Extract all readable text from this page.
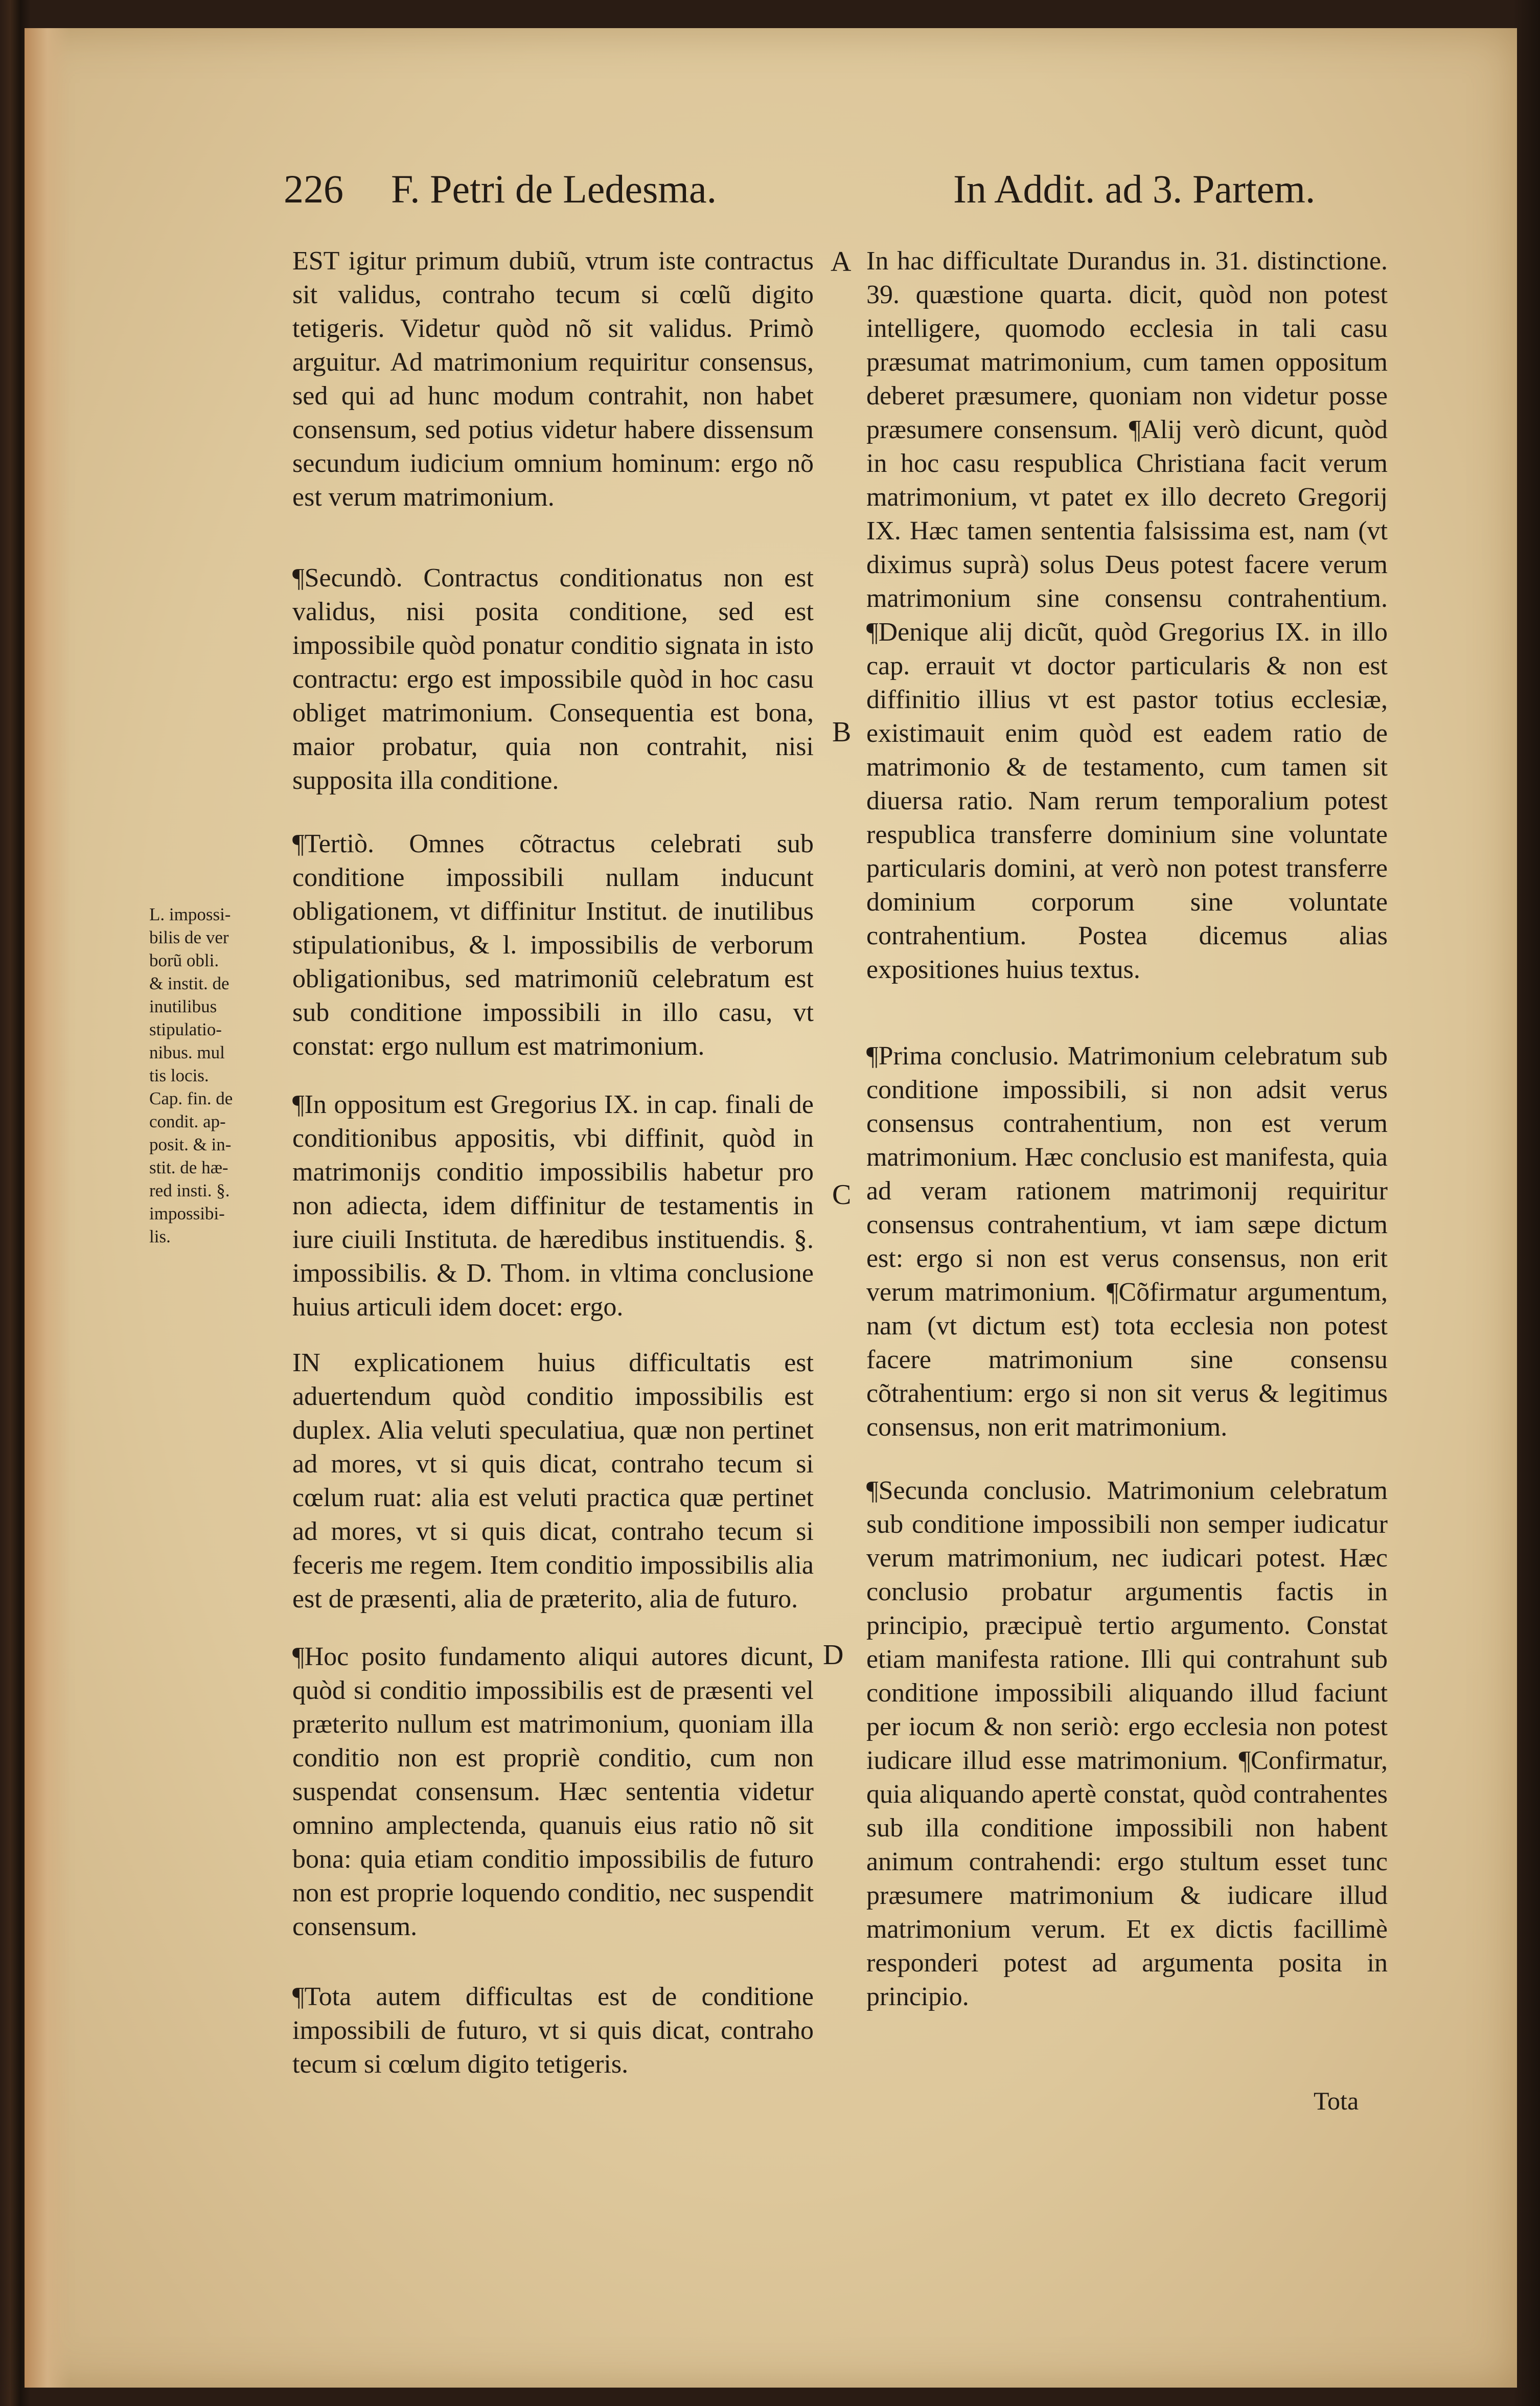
226 F. Petri de Ledesma.	In Addit. ad 3. Partem.

EST igitur primum dubiũ, vtrum iste contractus sit validus, contraho tecum si cœlũ digito tetigeris. Videtur quòd nõ sit validus. Primò arguitur. Ad matrimonium requiritur consensus, sed qui ad hunc modum contrahit, non habet consensum, sed potius videtur habere dissensum secundum iudicium omnium hominum: ergo nõ est verum matrimonium.

¶Secundò. Contractus conditionatus non est validus, nisi posita conditione, sed est impossibile quòd ponatur conditio signata in isto contractu: ergo est impossibile quòd in hoc casu obliget matrimonium. Consequentia est bona, maior probatur, quia non contrahit, nisi supposita illa conditione.

¶Tertiò. Omnes cõtractus celebrati sub conditione impossibili nullam inducunt obligationem, vt diffinitur Institut. de inutilibus stipulationibus, & l. impossibilis de verborum obligationibus, sed matrimoniũ celebratum est sub conditione impossibili in illo casu, vt constat: ergo nullum est matrimonium.

¶In oppositum est Gregorius IX. in cap. finali de conditionibus appositis, vbi diffinit, quòd in matrimonijs conditio impossibilis habetur pro non adiecta, idem diffinitur de testamentis in iure ciuili Instituta. de hæredibus instituendis. §. impossibilis. & D. Thom. in vltima conclusione huius articuli idem docet: ergo.

IN explicationem huius difficultatis est aduertendum quòd conditio impossibilis est duplex. Alia veluti speculatiua, quæ non pertinet ad mores, vt si quis dicat, contraho tecum si cœlum ruat: alia est veluti practica quæ pertinet ad mores, vt si quis dicat, contraho tecum si feceris me regem. Item conditio impossibilis alia est de præsenti, alia de præterito, alia de futuro.

¶Hoc posito fundamento aliqui autores dicunt, quòd si conditio impossibilis est de præsenti vel præterito nullum est matrimonium, quoniam illa conditio non est propriè conditio, cum non suspendat consensum. Hæc sententia videtur omnino amplectenda, quanuis eius ratio nõ sit bona: quia etiam conditio impossibilis de futuro non est proprie loquendo conditio, nec suspendit consensum.

¶Tota autem difficultas est de conditione impossibili de futuro, vt si quis dicat, contraho tecum si cœlum digito tetigeris.

A
B
C
D

In hac difficultate Durandus in. 31. distinctione. 39. quæstione quarta. dicit, quòd non potest intelligere, quomodo ecclesia in tali casu præsumat matrimonium, cum tamen oppositum deberet præsumere, quoniam non videtur posse præsumere consensum. ¶Alij verò dicunt, quòd in hoc casu respublica Christiana facit verum matrimonium, vt patet ex illo decreto Gregorij IX. Hæc tamen sententia falsissima est, nam (vt diximus suprà) solus Deus potest facere verum matrimonium sine consensu contrahentium. ¶Denique alij dicũt, quòd Gregorius IX. in illo cap. errauit vt doctor particularis & non est diffinitio illius vt est pastor totius ecclesiæ, existimauit enim quòd est eadem ratio de matrimonio & de testamento, cum tamen sit diuersa ratio. Nam rerum temporalium potest respublica transferre dominium sine voluntate particularis domini, at verò non potest transferre dominium corporum sine voluntate contrahentium. Postea dicemus alias expositiones huius textus.

¶Prima conclusio. Matrimonium celebratum sub conditione impossibili, si non adsit verus consensus contrahentium, non est verum matrimonium. Hæc conclusio est manifesta, quia ad veram rationem matrimonij requiritur consensus contrahentium, vt iam sæpe dictum est: ergo si non est verus consensus, non erit verum matrimonium. ¶Cõfirmatur argumentum, nam (vt dictum est) tota ecclesia non potest facere matrimonium sine consensu cõtrahentium: ergo si non sit verus & legitimus consensus, non erit matrimonium.

¶Secunda conclusio. Matrimonium celebratum sub conditione impossibili non semper iudicatur verum matrimonium, nec iudicari potest. Hæc conclusio probatur argumentis factis in principio, præcipuè tertio argumento. Constat etiam manifesta ratione. Illi qui contrahunt sub conditione impossibili aliquando illud faciunt per iocum & non seriò: ergo ecclesia non potest iudicare illud esse matrimonium. ¶Confirmatur, quia aliquando apertè constat, quòd contrahentes sub illa conditione impossibili non habent animum contrahendi: ergo stultum esset tunc præsumere matrimonium & iudicare illud matrimonium verum. Et ex dictis facillimè responderi potest ad argumenta posita in principio.

Tota
L. impossi-
bilis de ver
borũ obli.
& instit. de
inutilibus
stipulatio-
nibus. mul
tis locis.
Cap. fin. de
condit. ap-
posit. & in-
stit. de hæ-
red insti. §.
impossibi-
lis.
